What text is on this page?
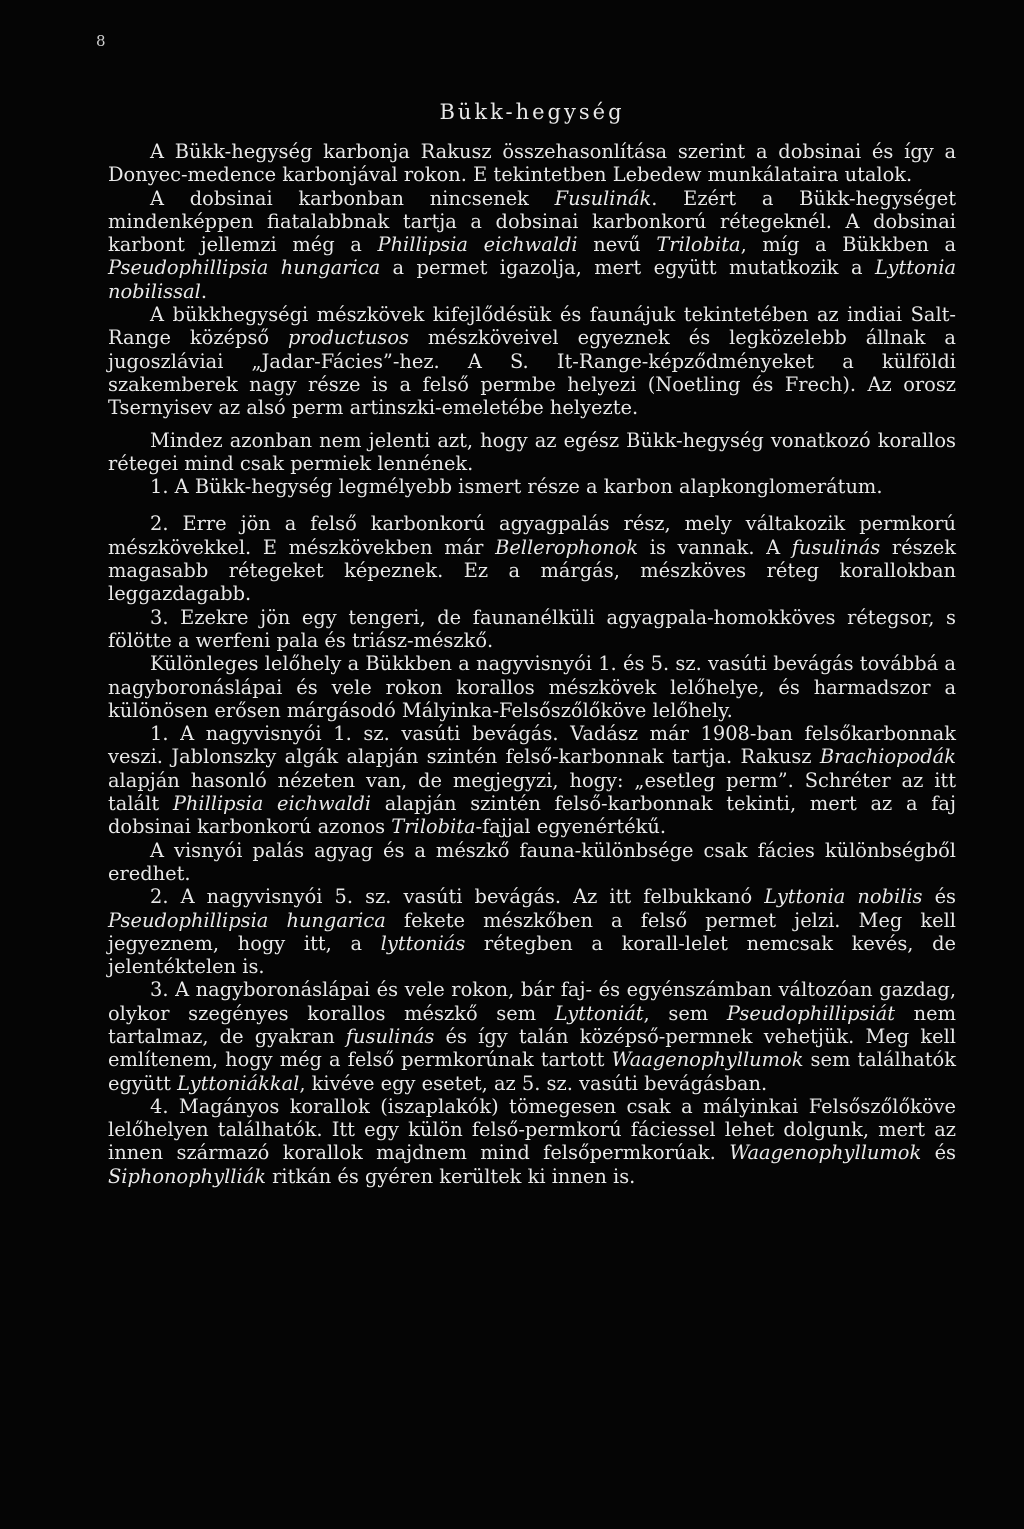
8
Bükk-hegység

A Bükk-hegység karbonja Rakusz összehasonlítása szerint a dobsinai és így a Donyec-medence karbonjával rokon. E tekintetben Lebedew munkálataira utalok.

A dobsinai karbonban nincsenek Fusulinák. Ezért a Bükk-hegységet mindenképpen fiatalabbnak tartja a dobsinai karbonkorú rétegeknél. A dobsinai karbont jellemzi még a Phillipsia eichwaldi nevű Trilobita, míg a Bükkben a Pseudophillipsia hungarica a permet igazolja, mert együtt mutatkozik a Lyttonia nobilissal.

A bükkhegységi mészkövek kifejlődésük és faunájuk tekintetében az indiai Salt-Range középső productusos mészköveivel egyeznek és legközelebb állnak a jugoszláviai „Jadar-Fácies”-hez. A S. It-Range-képződményeket a külföldi szakemberek nagy része is a felső permbe helyezi (Noetling és Frech). Az orosz Tsernyisev az alsó perm artinszki-emeletébe helyezte.

Mindez azonban nem jelenti azt, hogy az egész Bükk-hegység vonatkozó korallos rétegei mind csak permiek lennének.

1. A Bükk-hegység legmélyebb ismert része a karbon alapkonglomerátum.

2. Erre jön a felső karbonkorú agyagpalás rész, mely váltakozik permkorú mészkövekkel. E mészkövekben már Bellerophonok is vannak. A fusulinás részek magasabb rétegeket képeznek. Ez a márgás, mészköves réteg korallokban leggazdagabb.

3. Ezekre jön egy tengeri, de faunanélküli agyagpala-homokköves rétegsor, s fölötte a werfeni pala és triász-mészkő.

Különleges lelőhely a Bükkben a nagyvisnyói 1. és 5. sz. vasúti bevágás továbbá a nagyboronáslápai és vele rokon korallos mészkövek lelőhelye, és harmadszor a különösen erősen márgásodó Mályinka-Felsőszőlőköve lelőhely.

1. A nagyvisnyói 1. sz. vasúti bevágás. Vadász már 1908-ban felsőkarbonnak veszi. Jablonszky algák alapján szintén felső-karbonnak tartja. Rakusz Brachiopodák alapján hasonló nézeten van, de megjegyzi, hogy: „esetleg perm”. Schréter az itt talált Phillipsia eichwaldi alapján szintén felső-karbonnak tekinti, mert az a faj dobsinai karbonkorú azonos Trilobita-fajjal egyenértékű.

A visnyói palás agyag és a mészkő fauna-különbsége csak fácies különbségből eredhet.

2. A nagyvisnyói 5. sz. vasúti bevágás. Az itt felbukkanó Lyttonia nobilis és Pseudophillipsia hungarica fekete mészkőben a felső permet jelzi. Meg kell jegyeznem, hogy itt, a lyttoniás rétegben a korall-lelet nemcsak kevés, de jelentéktelen is.

3. A nagyboronáslápai és vele rokon, bár faj- és egyénszámban változóan gazdag, olykor szegényes korallos mészkő sem Lyttoniát, sem Pseudophillipsiát nem tartalmaz, de gyakran fusulinás és így talán középső-permnek vehetjük. Meg kell említenem, hogy még a felső permkorúnak tartott Waagenophyllumok sem találhatók együtt Lyttoniákkal, kivéve egy esetet, az 5. sz. vasúti bevágásban.

4. Magányos korallok (iszaplakók) tömegesen csak a mályinkai Felsőszőlőköve lelőhelyen találhatók. Itt egy külön felső-permkorú fáciessel lehet dolgunk, mert az innen származó korallok majdnem mind felsőpermkorúak. Waagenophyllumok és Siphonophylliák ritkán és gyéren kerültek ki innen is.
